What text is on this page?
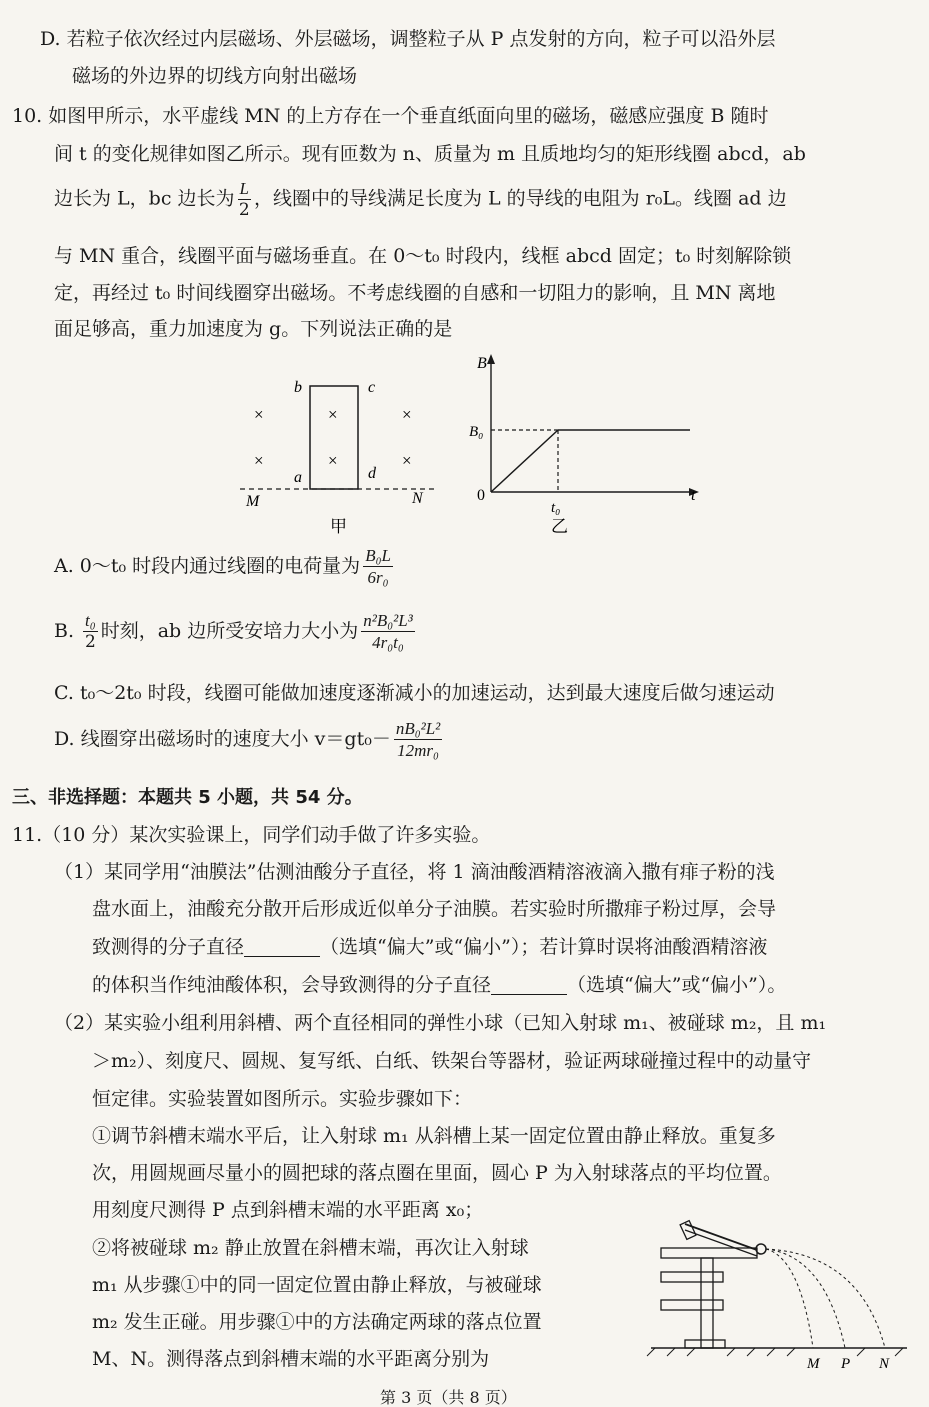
D. 若粒子依次经过内层磁场、外层磁场，调整粒子从 P 点发射的方向，粒子可以沿外层
磁场的外边界的切线方向射出磁场
10. 如图甲所示，水平虚线 MN 的上方存在一个垂直纸面向里的磁场，磁感应强度 B 随时
间 t 的变化规律如图乙所示。现有匝数为 n、质量为 m 且质地均匀的矩形线圈 abcd，ab
边长为 L，bc 边长为 $\frac{L}{2}$ ，线圈中的导线满足长度为 L 的导线的电阻为 r₀L。线圈 ad 边
与 MN 重合，线圈平面与磁场垂直。在 0～t₀ 时段内，线框 abcd 固定；t₀ 时刻解除锁
定，再经过 t₀ 时间线圈穿出磁场。不考虑线圈的自感和一切阻力的影响，且 MN 离地
面足够高，重力加速度为 g。下列说法正确的是
×
×
×
×
×
×
b	c
a	d
M	N
甲
B
t
0
B₀
t₀
乙
A. 0～t₀ 时段内通过线圈的电荷量为 $\frac{\text{B₀L}}{\text{6r₀}}$
B. $\frac{\text{t₀}}{2}$ 时刻，ab 边所受安培力大小为 $\frac{\text{n²B₀²L³}}{\text{4r₀t₀}}$
C. t₀～2t₀ 时段，线圈可能做加速度逐渐减小的加速运动，达到最大速度后做匀速运动
D. 线圈穿出磁场时的速度大小 $v=gt_0- \frac{\text{nB₀²L²}}{\text{12mr₀}}$
三、非选择题：本题共 5 小题，共 54 分。
11.（10 分）某次实验课上，同学们动手做了许多实验。
（1）某同学用“油膜法”估测油酸分子直径，将 1 滴油酸酒精溶液滴入撒有痱子粉的浅
盘水面上，油酸充分散开后形成近似单分子油膜。若实验时所撒痱子粉过厚，会导
致测得的分子直径	（选填“偏大”或“偏小”）；若计算时误将油酸酒精溶液
的体积当作纯油酸体积，会导致测得的分子直径	（选填“偏大”或“偏小”）。
（2）某实验小组利用斜槽、两个直径相同的弹性小球（已知入射球 m₁、被碰球 m₂，且 m₁
＞m₂）、刻度尺、圆规、复写纸、白纸、铁架台等器材，验证两球碰撞过程中的动量守
恒定律。实验装置如图所示。实验步骤如下：
①调节斜槽末端水平后，让入射球 m₁ 从斜槽上某一固定位置由静止释放。重复多
次，用圆规画尽量小的圆把球的落点圈在里面，圆心 P 为入射球落点的平均位置。
用刻度尺测得 P 点到斜槽末端的水平距离 x₀；
②将被碰球 m₂ 静止放置在斜槽末端，再次让入射球
m₁ 从步骤①中的同一固定位置由静止释放，与被碰球
m₂ 发生正碰。用步骤①中的方法确定两球的落点位置
M、N。测得落点到斜槽末端的水平距离分别为	M P N
第 3 页（共 8 页）
